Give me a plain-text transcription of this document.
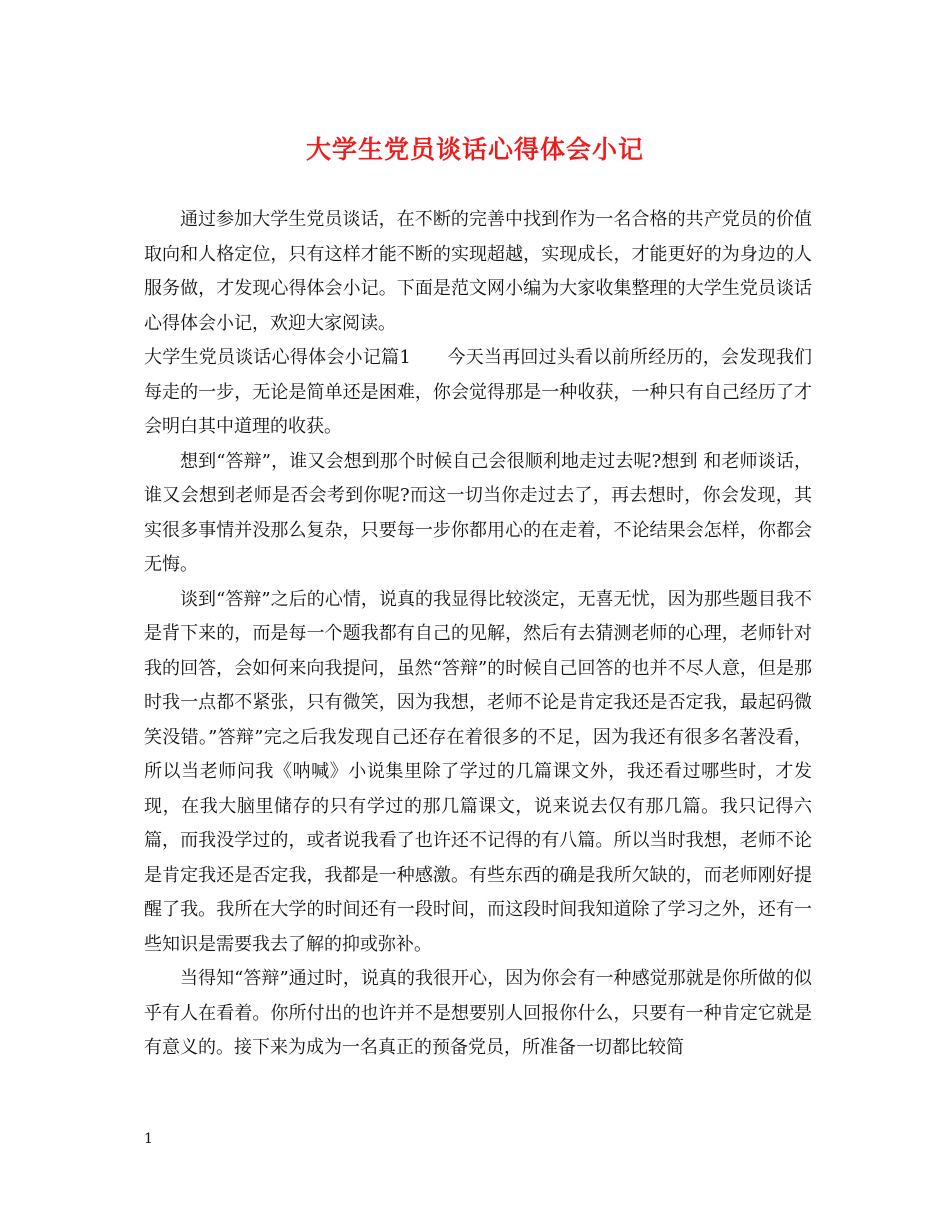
大学生党员谈话心得体会小记

通过参加大学生党员谈话，在不断的完善中找到作为一名合格的共产党员的价值取向和人格定位，只有这样才能不断的实现超越，实现成长，才能更好的为身边的人服务做，才发现心得体会小记。下面是范文网小编为大家收集整理的大学生党员谈话心得体会小记，欢迎大家阅读。

大学生党员谈话心得体会小记篇1　　今天当再回过头看以前所经历的，会发现我们每走的一步，无论是简单还是困难，你会觉得那是一种收获，一种只有自己经历了才会明白其中道理的收获。

想到“答辩”，谁又会想到那个时候自己会很顺利地走过去呢?想到 和老师谈话，谁又会想到老师是否会考到你呢?而这一切当你走过去了，再去想时，你会发现，其实很多事情并没那么复杂，只要每一步你都用心的在走着，不论结果会怎样，你都会无悔。

谈到“答辩”之后的心情，说真的我显得比较淡定，无喜无忧，因为那些题目我不是背下来的，而是每一个题我都有自己的见解，然后有去猜测老师的心理，老师针对我的回答，会如何来向我提问，虽然“答辩”的时候自己回答的也并不尽人意，但是那时我一点都不紧张，只有微笑，因为我想，老师不论是肯定我还是否定我，最起码微笑没错。”答辩”完之后我发现自己还存在着很多的不足，因为我还有很多名著没看，所以当老师问我《呐喊》小说集里除了学过的几篇课文外，我还看过哪些时，才发现，在我大脑里储存的只有学过的那几篇课文，说来说去仅有那几篇。我只记得六篇，而我没学过的，或者说我看了也许还不记得的有八篇。所以当时我想，老师不论是肯定我还是否定我，我都是一种感激。有些东西的确是我所欠缺的，而老师刚好提醒了我。我所在大学的时间还有一段时间，而这段时间我知道除了学习之外，还有一些知识是需要我去了解的抑或弥补。

当得知“答辩”通过时，说真的我很开心，因为你会有一种感觉那就是你所做的似乎有人在看着。你所付出的也许并不是想要别人回报你什么，只要有一种肯定它就是有意义的。接下来为成为一名真正的预备党员，所准备一切都比较简

1
